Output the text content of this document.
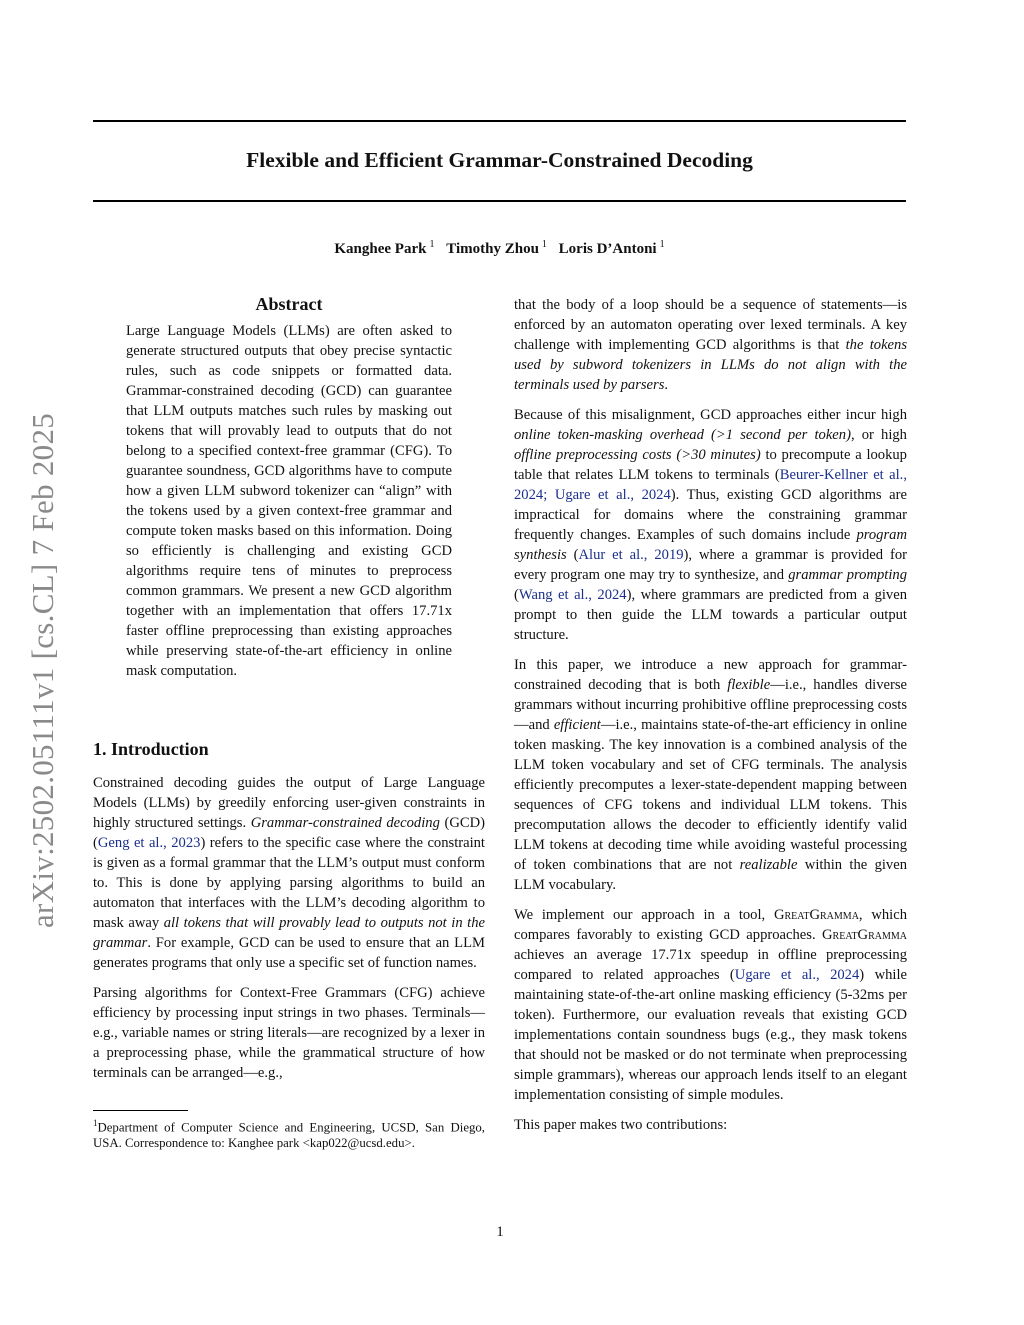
Flexible and Efficient Grammar-Constrained Decoding
Kanghee Park $^1$ Timothy Zhou $^1$ Loris D’Antoni $^1$
arXiv:2502.05111v1 [cs.CL] 7 Feb 2025
Abstract

Large Language Models (LLMs) are often asked to generate structured outputs that obey precise syntactic rules, such as code snippets or formatted data. Grammar-constrained decoding (GCD) can guarantee that LLM outputs matches such rules by masking out tokens that will provably lead to outputs that do not belong to a specified context-free grammar (CFG). To guarantee soundness, GCD algorithms have to compute how a given LLM subword tokenizer can “align” with the tokens used by a given context-free grammar and compute token masks based on this information. Doing so efficiently is challenging and existing GCD algorithms require tens of minutes to preprocess common grammars. We present a new GCD algorithm together with an implementation that offers 17.71x faster offline preprocessing than existing approaches while preserving state-of-the-art efficiency in online mask computation.

1. Introduction

Constrained decoding guides the output of Large Language Models (LLMs) by greedily enforcing user-given constraints in highly structured settings. Grammar-constrained decoding (GCD) (Geng et al., 2023) refers to the specific case where the constraint is given as a formal grammar that the LLM’s output must conform to. This is done by applying parsing algorithms to build an automaton that interfaces with the LLM’s decoding algorithm to mask away all tokens that will provably lead to outputs not in the grammar. For example, GCD can be used to ensure that an LLM generates programs that only use a specific set of function names.

Parsing algorithms for Context-Free Grammars (CFG) achieve efficiency by processing input strings in two phases. Terminals—e.g., variable names or string literals—are recognized by a lexer in a preprocessing phase, while the grammatical structure of how terminals can be arranged—e.g.,

$^1$Department of Computer Science and Engineering, UCSD, San Diego, USA. Correspondence to: Kanghee park <kap022@ucsd.edu>.

that the body of a loop should be a sequence of statements—is enforced by an automaton operating over lexed terminals. A key challenge with implementing GCD algorithms is that the tokens used by subword tokenizers in LLMs do not align with the terminals used by parsers.

Because of this misalignment, GCD approaches either incur high online token-masking overhead (>1 second per token), or high offline preprocessing costs (>30 minutes) to precompute a lookup table that relates LLM tokens to terminals (Beurer-Kellner et al., 2024; Ugare et al., 2024). Thus, existing GCD algorithms are impractical for domains where the constraining grammar frequently changes. Examples of such domains include program synthesis (Alur et al., 2019), where a grammar is provided for every program one may try to synthesize, and grammar prompting (Wang et al., 2024), where grammars are predicted from a given prompt to then guide the LLM towards a particular output structure.

In this paper, we introduce a new approach for grammar-constrained decoding that is both flexible—i.e., handles diverse grammars without incurring prohibitive offline preprocessing costs—and efficient—i.e., maintains state-of-the-art efficiency in online token masking. The key innovation is a combined analysis of the LLM token vocabulary and set of CFG terminals. The analysis efficiently precomputes a lexer-state-dependent mapping between sequences of CFG tokens and individual LLM tokens. This precomputation allows the decoder to efficiently identify valid LLM tokens at decoding time while avoiding wasteful processing of token combinations that are not realizable within the given LLM vocabulary.

We implement our approach in a tool, GreatGramma, which compares favorably to existing GCD approaches. GreatGramma achieves an average 17.71x speedup in offline preprocessing compared to related approaches (Ugare et al., 2024) while maintaining state-of-the-art online masking efficiency (5-32ms per token). Furthermore, our evaluation reveals that existing GCD implementations contain soundness bugs (e.g., they mask tokens that should not be masked or do not terminate when preprocessing simple grammars), whereas our approach lends itself to an elegant implementation consisting of simple modules.

This paper makes two contributions:

1
